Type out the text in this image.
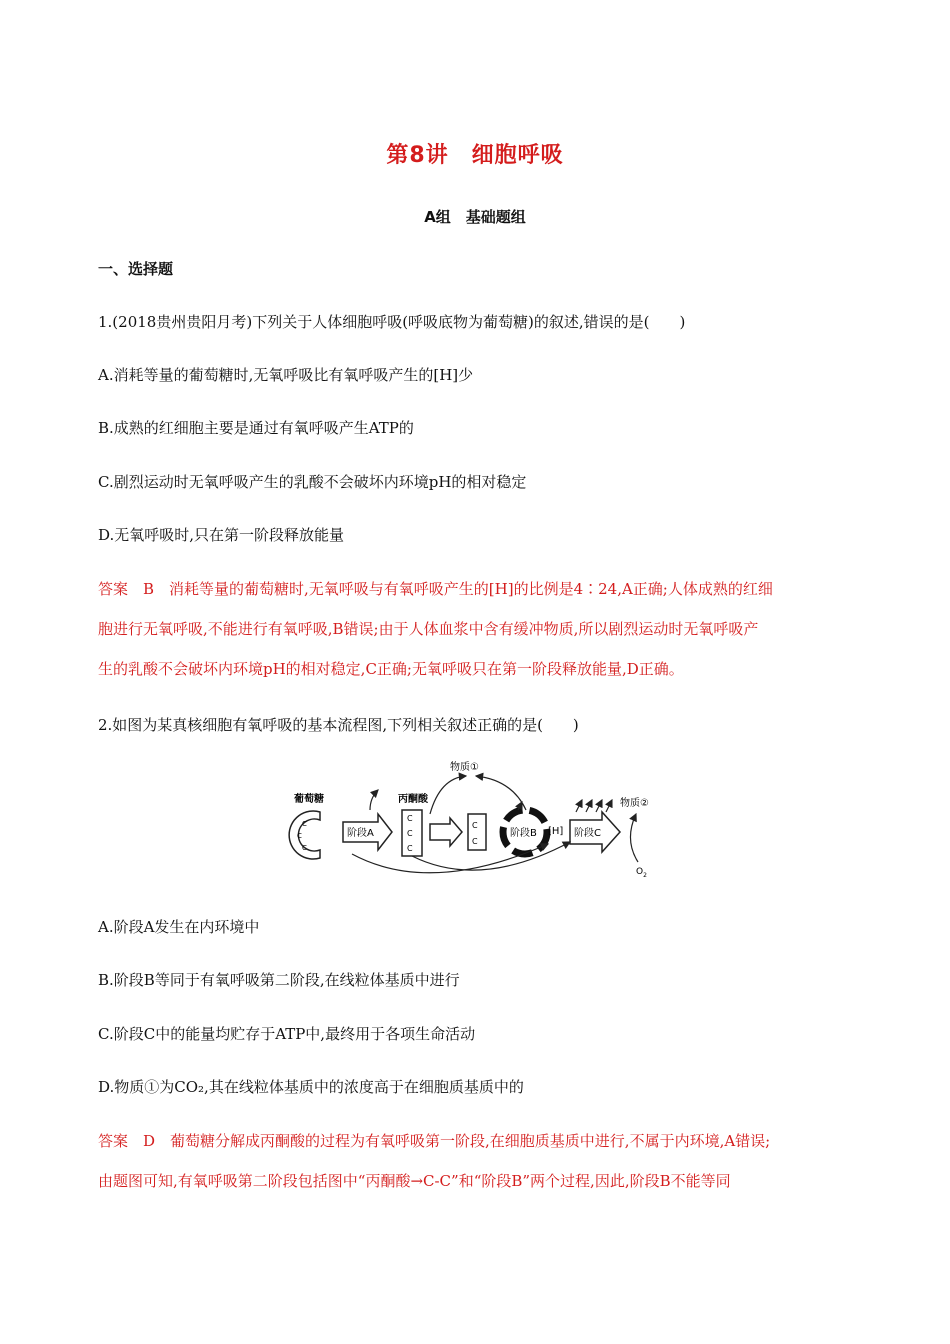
第8讲　细胞呼吸
A组　基础题组
一、选择题
1.(2018贵州贵阳月考)下列关于人体细胞呼吸(呼吸底物为葡萄糖)的叙述,错误的是(　　)
A.消耗等量的葡萄糖时,无氧呼吸比有氧呼吸产生的[H]少
B.成熟的红细胞主要是通过有氧呼吸产生ATP的
C.剧烈运动时无氧呼吸产生的乳酸不会破坏内环境pH的相对稳定
D.无氧呼吸时,只在第一阶段释放能量
答案　B　消耗等量的葡萄糖时,无氧呼吸与有氧呼吸产生的[H]的比例是4∶24,A正确;人体成熟的红细
胞进行无氧呼吸,不能进行有氧呼吸,B错误;由于人体血浆中含有缓冲物质,所以剧烈运动时无氧呼吸产
生的乳酸不会破坏内环境pH的相对稳定,C正确;无氧呼吸只在第一阶段释放能量,D正确。
2.如图为某真核细胞有氧呼吸的基本流程图,下列相关叙述正确的是(　　)
葡萄糖
C
C
C
阶段A
丙酮酸
C
C
C
C
C
物质①
阶段B [H] 阶段C
物质②
$O_2$
A.阶段A发生在内环境中
B.阶段B等同于有氧呼吸第二阶段,在线粒体基质中进行
C.阶段C中的能量均贮存于ATP中,最终用于各项生命活动
D.物质①为CO₂,其在线粒体基质中的浓度高于在细胞质基质中的
答案　D　葡萄糖分解成丙酮酸的过程为有氧呼吸第一阶段,在细胞质基质中进行,不属于内环境,A错误;
由题图可知,有氧呼吸第二阶段包括图中“丙酮酸→C-C”和“阶段B”两个过程,因此,阶段B不能等同
